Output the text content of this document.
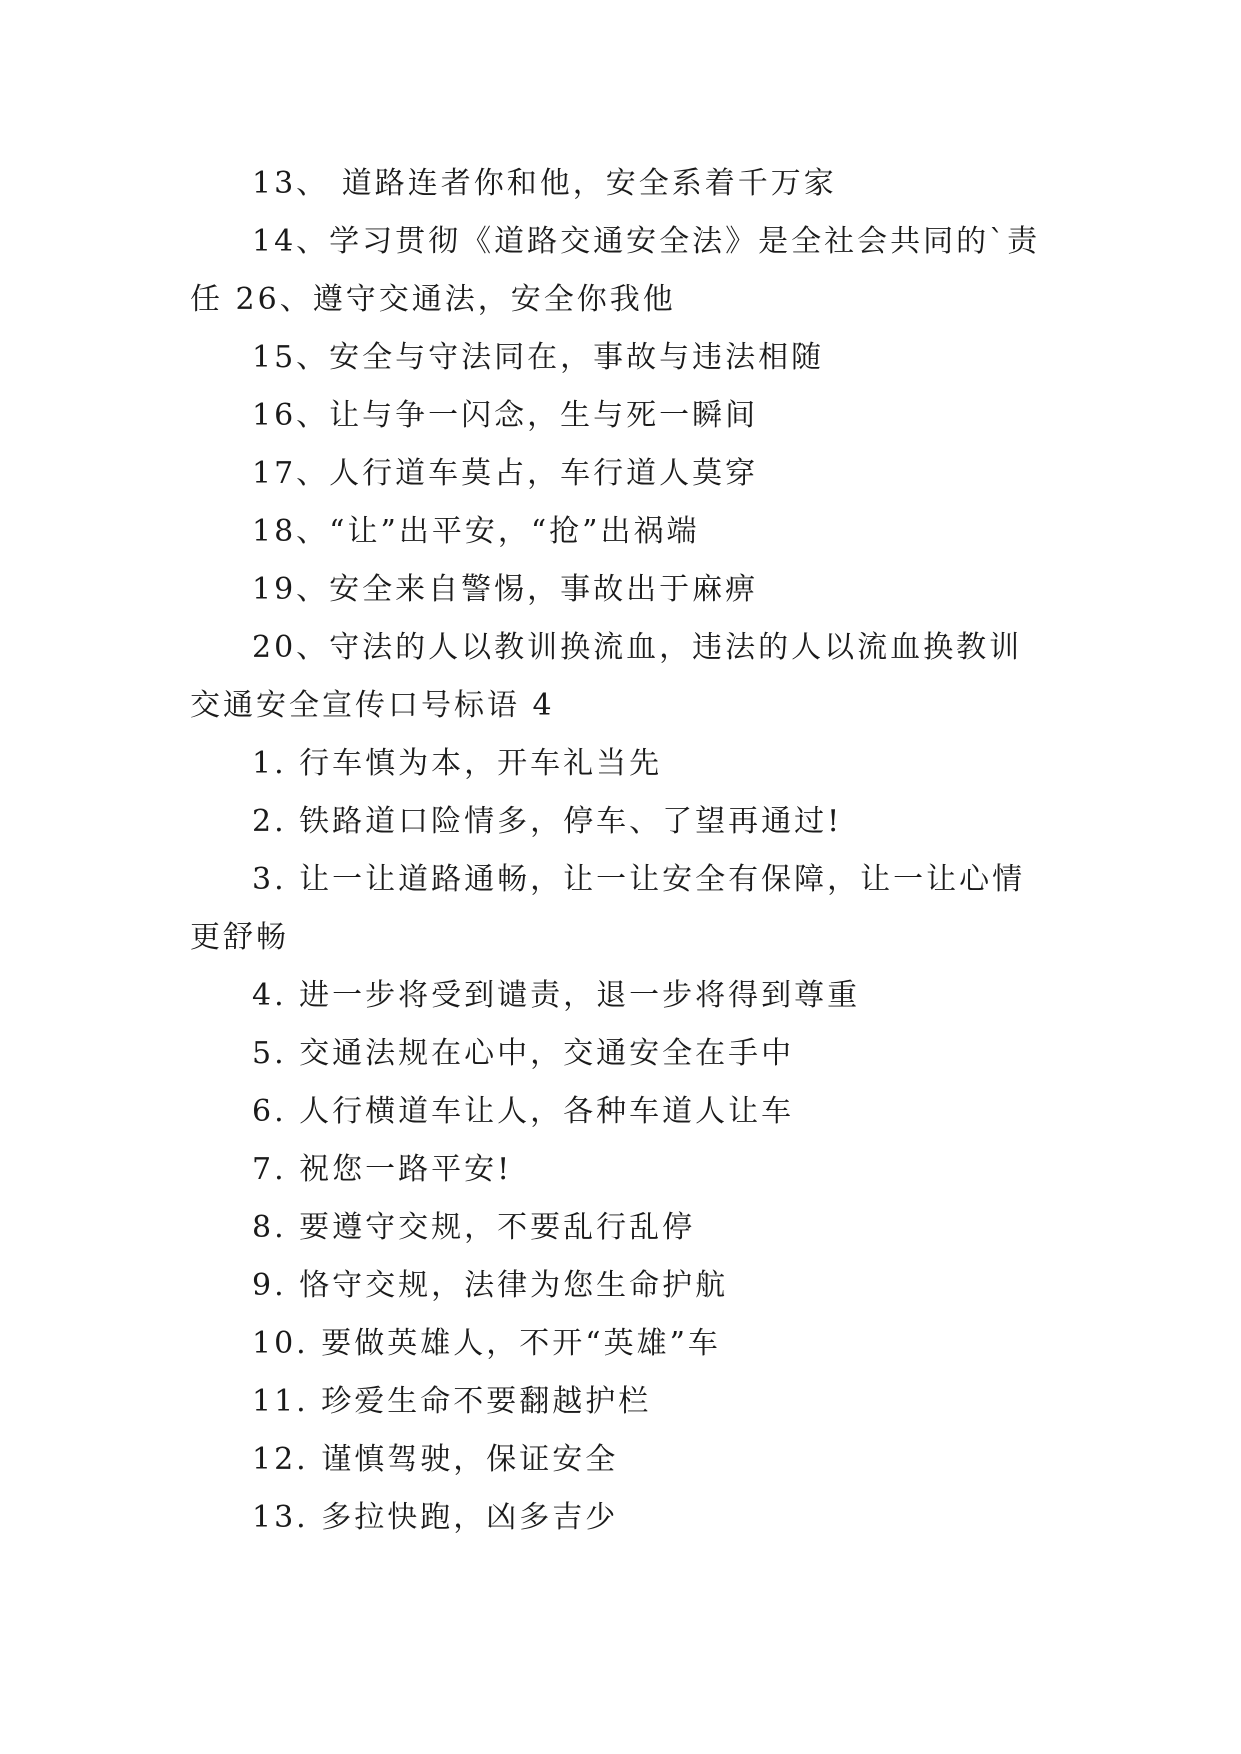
13、 道路连者你和他，安全系着千万家
14、学习贯彻《道路交通安全法》是全社会共同的`责
任 26、遵守交通法，安全你我他
15、安全与守法同在，事故与违法相随
16、让与争一闪念，生与死一瞬间
17、人行道车莫占，车行道人莫穿
18、“让”出平安，“抢”出祸端
19、安全来自警惕，事故出于麻痹
20、守法的人以教训换流血，违法的人以流血换教训
交通安全宣传口号标语 4
1. 行车慎为本，开车礼当先
2. 铁路道口险情多，停车、了望再通过!
3. 让一让道路通畅，让一让安全有保障，让一让心情
更舒畅
4. 进一步将受到谴责，退一步将得到尊重
5. 交通法规在心中，交通安全在手中
6. 人行横道车让人，各种车道人让车
7. 祝您一路平安!
8. 要遵守交规，不要乱行乱停
9. 恪守交规，法律为您生命护航
10. 要做英雄人，不开“英雄”车
11. 珍爱生命不要翻越护栏
12. 谨慎驾驶，保证安全
13. 多拉快跑，凶多吉少
